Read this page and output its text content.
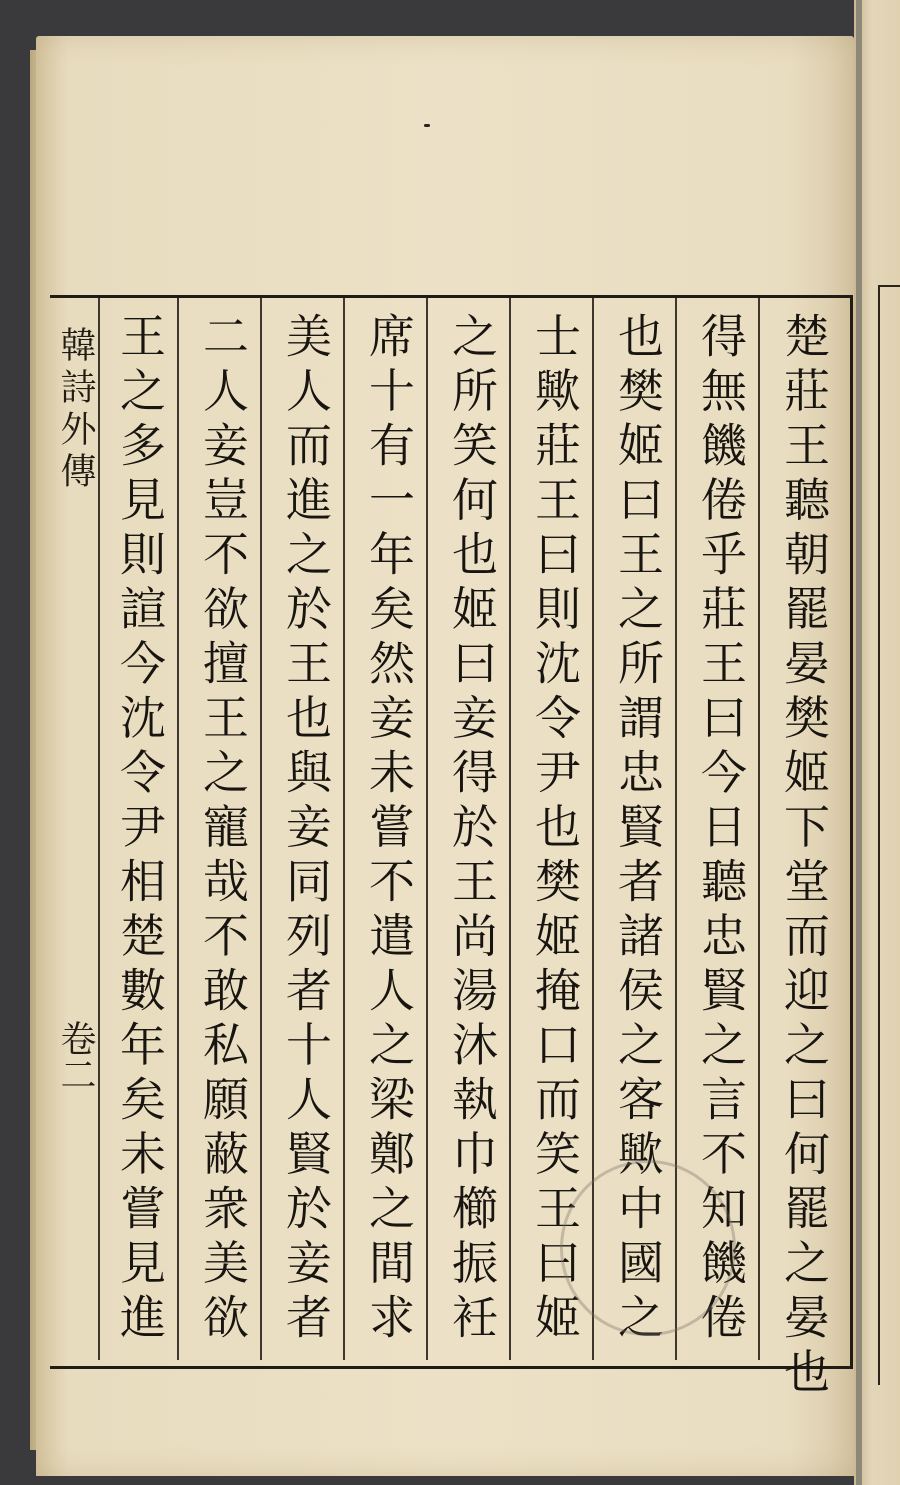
韓詩外傳
卷二	楚莊王聽朝罷晏樊姬下堂而迎之曰何罷之晏也
得無饑倦乎莊王曰今日聽忠賢之言不知饑倦
也樊姬曰王之所謂忠賢者諸侯之客歟中國之
士歟莊王曰則沈令尹也樊姬掩口而笑王曰姬
之所笑何也姬曰妾得於王尚湯沐執巾櫛振衽
席十有一年矣然妾未嘗不遣人之梁鄭之間求
美人而進之於王也與妾同列者十人賢於妾者
二人妾豈不欲擅王之寵哉不敢私願蔽衆美欲
王之多見則諠今沈令尹相楚數年矣未嘗見進
